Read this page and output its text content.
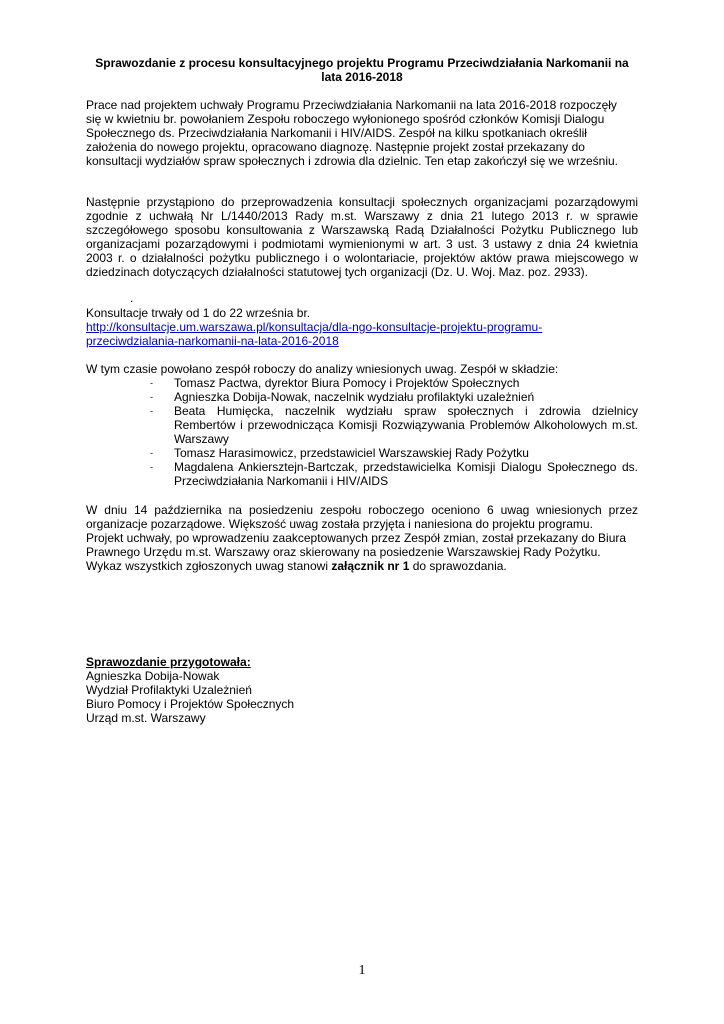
Sprawozdanie z procesu konsultacyjnego projektu Programu Przeciwdziałania Narkomanii na
lata 2016-2018
Prace nad projektem uchwały Programu Przeciwdziałania Narkomanii na lata 2016-2018 rozpoczęły
się w kwietniu br. powołaniem Zespołu roboczego wyłonionego spośród członków Komisji Dialogu
Społecznego ds. Przeciwdziałania Narkomanii i HIV/AIDS. Zespół na kilku spotkaniach określił
założenia do nowego projektu, opracowano diagnozę. Następnie projekt został przekazany do
konsultacji wydziałów spraw społecznych i zdrowia dla dzielnic. Ten etap zakończył się we wrześniu.
Następnie przystąpiono do przeprowadzenia konsultacji społecznych organizacjami pozarządowymi
zgodnie z uchwałą Nr L/1440/2013 Rady m.st. Warszawy z dnia 21 lutego 2013 r. w sprawie
szczegółowego sposobu konsultowania z Warszawską Radą Działalności Pożytku Publicznego lub
organizacjami pozarządowymi i podmiotami wymienionymi w art. 3 ust. 3 ustawy z dnia 24 kwietnia
2003 r. o działalności pożytku publicznego i o wolontariacie, projektów aktów prawa miejscowego w
dziedzinach dotyczących działalności statutowej tych organizacji (Dz. U. Woj. Maz. poz. 2933).
.
Konsultacje trwały od 1 do 22 września br.
http://konsultacje.um.warszawa.pl/konsultacja/dla-ngo-konsultacje-projektu-programu-
przeciwdzialania-narkomanii-na-lata-2016-2018
W tym czasie powołano zespół roboczy do analizy wniesionych uwag. Zespół w składzie:
- Tomasz Pactwa, dyrektor Biura Pomocy i Projektów Społecznych
- Agnieszka Dobija-Nowak, naczelnik wydziału profilaktyki uzależnień
- Beata Humięcka, naczelnik wydziału spraw społecznych i zdrowia dzielnicy
Rembertów i przewodnicząca Komisji Rozwiązywania Problemów Alkoholowych m.st.
Warszawy
- Tomasz Harasimowicz, przedstawiciel Warszawskiej Rady Pożytku
- Magdalena Ankiersztejn-Bartczak, przedstawicielka Komisji Dialogu Społecznego ds.
Przeciwdziałania Narkomanii i HIV/AIDS
W dniu 14 października na posiedzeniu zespołu roboczego oceniono 6 uwag wniesionych przez
organizacje pozarządowe. Większość uwag została przyjęta i naniesiona do projektu programu.
Projekt uchwały, po wprowadzeniu zaakceptowanych przez Zespół zmian, został przekazany do Biura
Prawnego Urzędu m.st. Warszawy oraz skierowany na posiedzenie Warszawskiej Rady Pożytku.
Wykaz wszystkich zgłoszonych uwag stanowi załącznik nr 1 do sprawozdania.
Sprawozdanie przygotowała:
Agnieszka Dobija-Nowak
Wydział Profilaktyki Uzależnień
Biuro Pomocy i Projektów Społecznych
Urząd m.st. Warszawy
1
